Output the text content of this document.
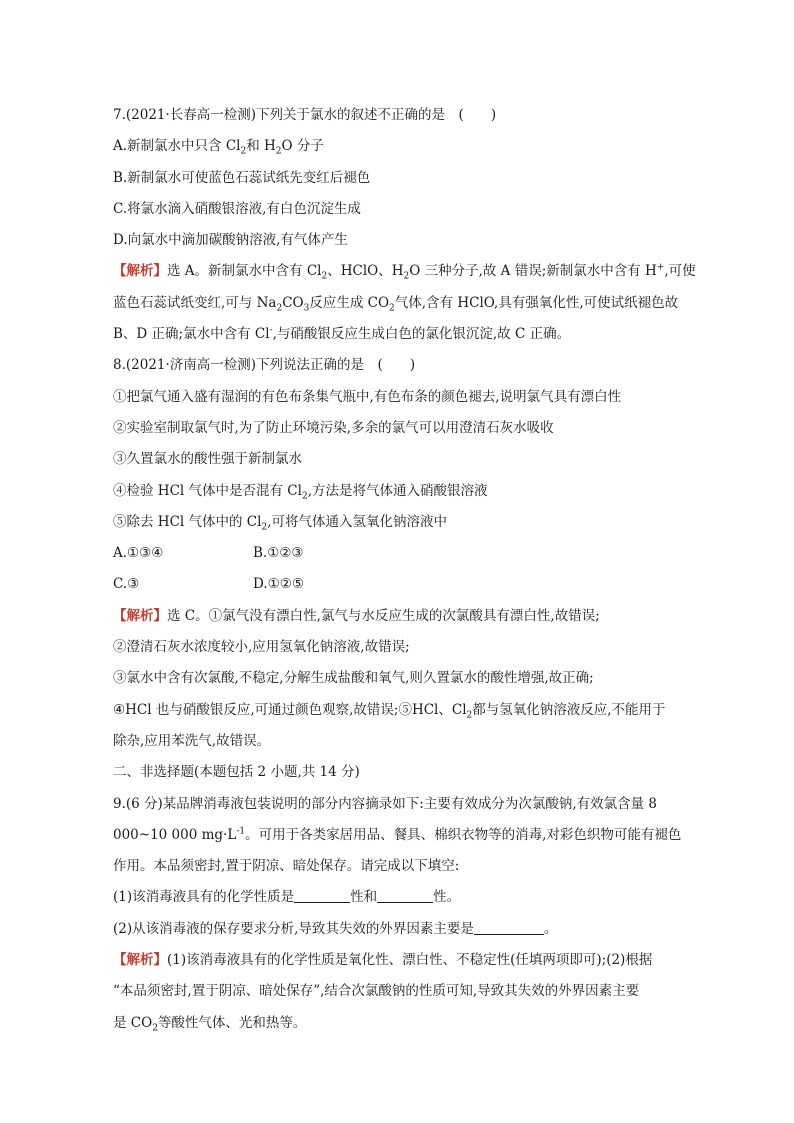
7.(2021·长春高一检测)下列关于氯水的叙述不正确的是　(　　)
A.新制氯水中只含 $Cl_2$和 $H_2O$ 分子
B.新制氯水可使蓝色石蕊试纸先变红后褪色
C.将氯水滴入硝酸银溶液,有白色沉淀生成
D.向氯水中滴加碳酸钠溶液,有气体产生
【解析】选 A。新制氯水中含有 $Cl_2$、HClO、$H_2O$ 三种分子,故 A 错误;新制氯水中含有 H+,可使
蓝色石蕊试纸变红,可与 $Na_2CO_3$反应生成 $CO_2$气体,含有 HClO,具有强氧化性,可使试纸褪色故
B、D 正确;氯水中含有 Cl-,与硝酸银反应生成白色的氯化银沉淀,故 C 正确。
8.(2021·济南高一检测)下列说法正确的是　(　　)
①把氯气通入盛有湿润的有色布条集气瓶中,有色布条的颜色褪去,说明氯气具有漂白性
②实验室制取氯气时,为了防止环境污染,多余的氯气可以用澄清石灰水吸收
③久置氯水的酸性强于新制氯水
④检验 HCl 气体中是否混有 $Cl_2$,方法是将气体通入硝酸银溶液
⑤除去 HCl 气体中的 $Cl_2$,可将气体通入氢氧化钠溶液中
A.①③④	B.①②③
C.③	D.①②⑤
【解析】选 C。①氯气没有漂白性,氯气与水反应生成的次氯酸具有漂白性,故错误;
②澄清石灰水浓度较小,应用氢氧化钠溶液,故错误;
③氯水中含有次氯酸,不稳定,分解生成盐酸和氧气,则久置氯水的酸性增强,故正确;
④HCl 也与硝酸银反应,可通过颜色观察,故错误;⑤HCl、$Cl_2$都与氢氧化钠溶液反应,不能用于
除杂,应用苯洗气,故错误。
二、非选择题(本题包括 2 小题,共 14 分)
9.(6 分)某品牌消毒液包装说明的部分内容摘录如下:主要有效成分为次氯酸钠,有效氯含量 8
000~10 000 $mg\cdot L^{-1}$。可用于各类家居用品、餐具、棉织衣物等的消毒,对彩色织物可能有褪色
作用。本品须密封,置于阴凉、暗处保存。请完成以下填空:
(1)该消毒液具有的化学性质是	性和	性。
(2)从该消毒液的保存要求分析,导致其失效的外界因素主要是	。
【解析】(1)该消毒液具有的化学性质是氧化性、漂白性、不稳定性(任填两项即可);(2)根据
“本品须密封,置于阴凉、暗处保存”,结合次氯酸钠的性质可知,导致其失效的外界因素主要
是 $CO_2$等酸性气体、光和热等。
